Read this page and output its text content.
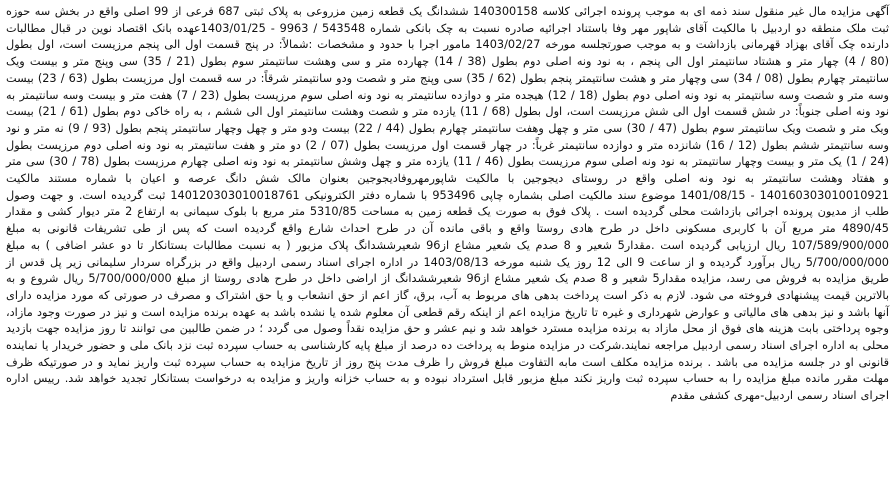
آگهی مزایده مال غیر منقول سند ذمه ای به موجب پرونده اجرائی کلاسه 140300158 ششدانگ یک قطعه زمین مزروعی به پلاک ثبتی 687 فرعی از 99 اصلی واقع در بخش سه حوزه ثبت ملک منطقه دو اردبیل با مالکیت آقای شاپور مهر وفا باستناد اجرائیه صادره نسبت به چک بانکی شماره 543548 / 9963 - 1403/01/25عهده بانک اقتصاد نوین در قبال مطالبات دارنده چک آقای بهزاد قهرمانی بازداشت و به موجب صورتجلسه مورخه 1403/02/27 مامور اجرا با حدود و مشخصات :شمالاً: در پنج قسمت اول الی پنجم مرزیست است، اول بطول (80 / 4) چهار متر و هشتاد سانتیمتر اول الی پنجم ، به نود ونه اصلی دوم بطول (38 / 14) چهارده متر و سی وهشت سانتیمتر سوم بطول (21 / 35) سی وپنج متر و بیست ویک سانتیمتر چهارم بطول (08 / 34) سی وچهار متر و هشت سانتیمتر پنجم بطول (62 / 35) سی وپنج متر و شصت ودو سانتیمتر شرقاً: در سه قسمت اول مرزیست بطول (63 / 23) بیست وسه متر و شصت وسه سانتیمتر به نود ونه اصلی دوم بطول (18 / 12) هیجده متر و دوازده سانتیمتر به نود ونه اصلی سوم مرزیست بطول (23 / 7) هفت متر و بیست وسه سانتیمتر به نود ونه اصلی جنوباً: در شش قسمت اول الی شش مرزیست است، اول بطول (68 / 11) یازده متر و شصت وهشت سانتیمتر اول الی ششم ، به راه خاکی دوم بطول (61 / 21) بیست ویک متر و شصت ویک سانتیمتر سوم بطول (47 / 30) سی متر و چهل وهفت سانتیمتر چهارم بطول (44 / 22) بیست ودو متر و چهل وچهار سانتیمتر پنجم بطول (93 / 9) نه متر و نود وسه سانتیمتر ششم بطول (12 / 16) شانزده متر و دوازده سانتیمتر غرباً: در چهار قسمت اول مرزیست بطول (07 / 2) دو متر و هفت سانتیمتر به نود ونه اصلی دوم مرزیست بطول (24 / 1) یک متر و بیست وچهار سانتیمتر به نود ونه اصلی سوم مرزیست بطول (46 / 11) یازده متر و چهل وشش سانتیمتر به نود ونه اصلی چهارم مرزیست بطول (78 / 30) سی متر و هفتاد وهشت سانتیمتر به نود ونه اصلی واقع در روستای دیجوجین با مالکیت شاپورمهروفادیجوجین بعنوان مالک شش دانگ عرصه و اعیان با شماره مستند مالکیت 140160303010010921 - 1401/08/15 موضوع سند مالکیت اصلی بشماره چاپی 953496 با شماره دفتر الکترونیکی 140120303010018761 ثبت گردیده است. و جهت وصول طلب از مدیون پرونده اجرائی بازداشت محلی گردیده است . پلاک فوق به صورت یک قطعه زمین به مساحت 5310/85 متر مربع با بلوک سیمانی به ارتفاع 2 متر دیوار کشی و مقدار 4890/45 متر مربع آن با کاربری مسکونی داخل در طرح هادی روستا واقع و باقی مانده آن در طرح احداث شارع واقع گردیده است که پس از طی تشریفات قانونی به مبلغ 107/589/900/000 ریال ارزیابی گردیده است .مقدار5 شعیر و 8 صدم یک شعیر مشاع از96 شعیرششدانگ پلاک مزبور ( به نسبت مطالبات بستانکار تا دو عشر اضافی ) به مبلغ 5/700/000/000 ریال برآورد گردیده و از ساعت 9 الی 12 روز یک شنبه مورخه 1403/08/13 در اداره اجرای اسناد رسمی اردبیل واقع در بزرگراه سردار سلیمانی زیر پل قدس از طریق مزایده به فروش می رسد، مزایده مقدار5 شعیر و 8 صدم یک شعیر مشاع از96 شعیرششدانگ از اراضی داخل در طرح هادی روستا از مبلغ 5/700/000/000 ریال شروع و به بالاترین قیمت پیشنهادی فروخته می شود. لازم به ذکر است پرداخت بدهی های مربوط به آب، برق، گاز اعم از حق انشعاب و یا حق اشتراک و مصرف در صورتی که مورد مزایده دارای آنها باشد و نیز بدهی های مالیاتی و عوارض شهرداری و غیره تا تاریخ مزایده اعم از اینکه رقم قطعی آن معلوم شده یا نشده باشد به عهده برنده مزایده است و نیز در صورت وجود مازاد، وجوه پرداختی بابت هزینه های فوق از محل مازاد به برنده مزایده مسترد خواهد شد و نیم عشر و حق مزایده نقداً وصول می گردد ؛ در ضمن طالبین می توانند تا روز مزایده جهت بازدید محلی به اداره اجرای اسناد رسمی اردبیل مراجعه نمایند.شرکت در مزایده منوط به پرداخت ده درصد از مبلغ پایه کارشناسی به حساب سپرده ثبت نزد بانک ملی و حضور خریدار یا نماینده قانونی او در جلسه مزایده می باشد . برنده مزایده مکلف است مابه التفاوت مبلغ فروش را ظرف مدت پنج روز از تاریخ مزایده به حساب سپرده ثبت واریز نماید و در صورتیکه ظرف مهلت مقرر مانده مبلغ مزایده را به حساب سپرده ثبت واریز نکند مبلغ مزبور قابل استرداد نبوده و به حساب خزانه واریز و مزایده به درخواست بستانکار تجدید خواهد شد. رییس اداره اجرای اسناد رسمی اردبیل-مهری کشفی مقدم
